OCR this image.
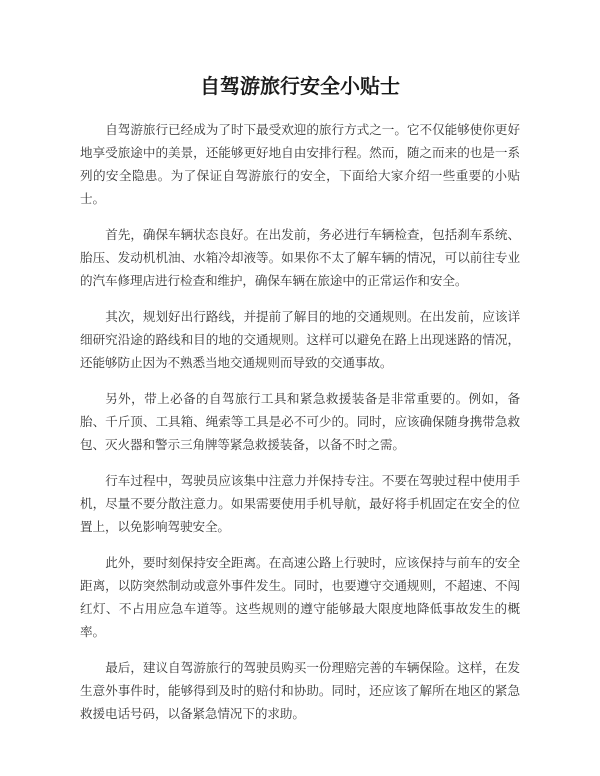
自驾游旅行安全小贴士

自驾游旅行已经成为了时下最受欢迎的旅行方式之一。它不仅能够使你更好地享受旅途中的美景，还能够更好地自由安排行程。然而，随之而来的也是一系列的安全隐患。为了保证自驾游旅行的安全，下面给大家介绍一些重要的小贴士。

首先，确保车辆状态良好。在出发前，务必进行车辆检查，包括刹车系统、胎压、发动机机油、水箱冷却液等。如果你不太了解车辆的情况，可以前往专业的汽车修理店进行检查和维护，确保车辆在旅途中的正常运作和安全。

其次，规划好出行路线，并提前了解目的地的交通规则。在出发前，应该详细研究沿途的路线和目的地的交通规则。这样可以避免在路上出现迷路的情况，还能够防止因为不熟悉当地交通规则而导致的交通事故。

另外，带上必备的自驾旅行工具和紧急救援装备是非常重要的。例如，备胎、千斤顶、工具箱、绳索等工具是必不可少的。同时，应该确保随身携带急救包、灭火器和警示三角牌等紧急救援装备，以备不时之需。

行车过程中，驾驶员应该集中注意力并保持专注。不要在驾驶过程中使用手机，尽量不要分散注意力。如果需要使用手机导航，最好将手机固定在安全的位置上，以免影响驾驶安全。

此外，要时刻保持安全距离。在高速公路上行驶时，应该保持与前车的安全距离，以防突然制动或意外事件发生。同时，也要遵守交通规则，不超速、不闯红灯、不占用应急车道等。这些规则的遵守能够最大限度地降低事故发生的概率。

最后，建议自驾游旅行的驾驶员购买一份理赔完善的车辆保险。这样，在发生意外事件时，能够得到及时的赔付和协助。同时，还应该了解所在地区的紧急救援电话号码，以备紧急情况下的求助。
